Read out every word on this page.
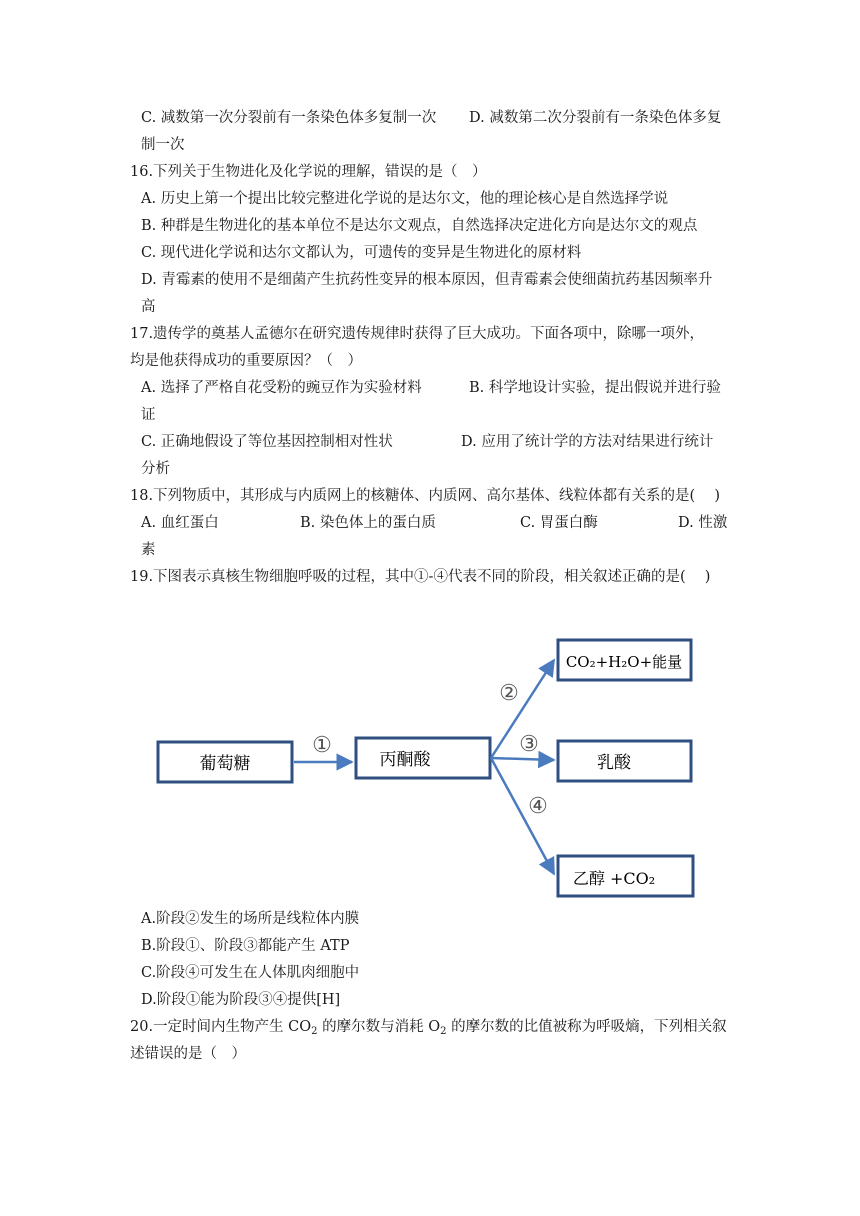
C. 减数第一次分裂前有一条染色体多复制一次 D. 减数第二次分裂前有一条染色体多复
制一次
16.下列关于生物进化及化学说的理解，错误的是（　）
A. 历史上第一个提出比较完整进化学说的是达尔文，他的理论核心是自然选择学说
B. 种群是生物进化的基本单位不是达尔文观点，自然选择决定进化方向是达尔文的观点
C. 现代进化学说和达尔文都认为，可遗传的变异是生物进化的原材料
D. 青霉素的使用不是细菌产生抗药性变异的根本原因，但青霉素会使细菌抗药基因频率升
高
17.遗传学的奠基人孟德尔在研究遗传规律时获得了巨大成功。下面各项中，除哪一项外，
均是他获得成功的重要原因？（　）
A. 选择了严格自花受粉的豌豆作为实验材料	B. 科学地设计实验，提出假说并进行验
证
C. 正确地假设了等位基因控制相对性状	D. 应用了统计学的方法对结果进行统计
分析
18.下列物质中，其形成与内质网上的核糖体、内质网、高尔基体、线粒体都有关系的是(　 )
A. 血红蛋白	B. 染色体上的蛋白质	C. 胃蛋白酶	D. 性激
素
19.下图表示真核生物细胞呼吸的过程，其中①-④代表不同的阶段，相关叙述正确的是(　 )
葡萄糖	丙酮酸
CO₂+H₂O+能量
乳酸
乙醇 +CO₂
①
②
③
④
A.阶段②发生的场所是线粒体内膜
B.阶段①、阶段③都能产生 ATP
C.阶段④可发生在人体肌肉细胞中
D.阶段①能为阶段③④提供[H]
20.一定时间内生物产生 $CO_2$ 的摩尔数与消耗 $O_2$ 的摩尔数的比值被称为呼吸熵，下列相关叙
述错误的是（　）
